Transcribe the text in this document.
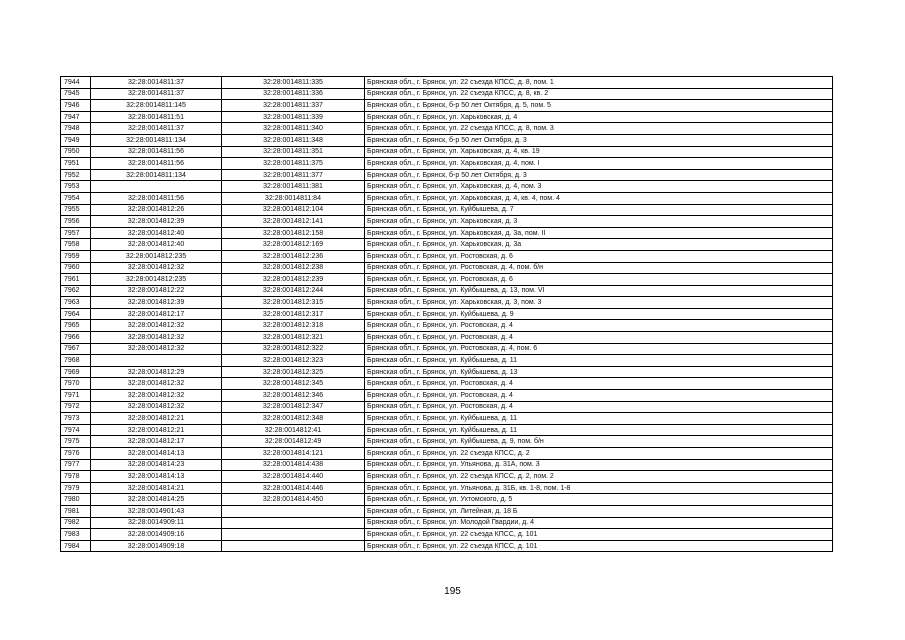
7944	32:28:0014811:37	32:28:0014811:335	Брянская обл., г. Брянск, ул. 22 съезда КПСС, д. 8, пом. 1
7945	32:28:0014811:37	32:28:0014811:336	Брянская обл., г. Брянск, ул. 22 съезда КПСС, д. 8, кв. 2
7946	32:28:0014811:145	32:28:0014811:337	Брянская обл., г. Брянск, б-р 50 лет Октября, д. 5, пом. 5
7947	32:28:0014811:51	32:28:0014811:339	Брянская обл., г. Брянск, ул. Харьковская, д. 4
7948	32:28:0014811:37	32:28:0014811:340	Брянская обл., г. Брянск, ул. 22 съезда КПСС, д. 8, пом. 3
7949	32:28:0014811:134	32:28:0014811:348	Брянская обл., г. Брянск, б-р 50 лет Октября, д. 3
7950	32:28:0014811:56	32:28:0014811:351	Брянская обл., г. Брянск, ул. Харьковская, д. 4, кв. 19
7951	32:28:0014811:56	32:28:0014811:375	Брянская обл., г. Брянск, ул. Харьковская, д. 4, пом. I
7952	32:28:0014811:134	32:28:0014811:377	Брянская обл., г. Брянск, б-р 50 лет Октября, д. 3
7953		32:28:0014811:381	Брянская обл., г. Брянск, ул. Харьковская, д. 4, пом. 3
7954	32:28:0014811:56	32:28:0014811:84	Брянская обл., г. Брянск, ул. Харьковская, д. 4, кв. 4, пом. 4
7955	32:28:0014812:26	32:28:0014812:104	Брянская обл., г. Брянск, ул. Куйбышева, д. 7
7956	32:28:0014812:39	32:28:0014812:141	Брянская обл., г. Брянск, ул. Харьковская, д. 3
7957	32:28:0014812:40	32:28:0014812:158	Брянская обл., г. Брянск, ул. Харьковская, д. 3а, пом. II
7958	32:28:0014812:40	32:28:0014812:169	Брянская обл., г. Брянск, ул. Харьковская, д. 3а
7959	32:28:0014812:235	32:28:0014812:236	Брянская обл., г. Брянск, ул. Ростовская, д. 6
7960	32:28:0014812:32	32:28:0014812:238	Брянская обл., г. Брянск, ул. Ростовская, д. 4, пом. б/н
7961	32:28:0014812:235	32:28:0014812:239	Брянская обл., г. Брянск, ул. Ростовская, д. 6
7962	32:28:0014812:22	32:28:0014812:244	Брянская обл., г. Брянск, ул. Куйбышева, д. 13, пом. VI
7963	32:28:0014812:39	32:28:0014812:315	Брянская обл., г. Брянск, ул. Харьковская, д. 3, пом. 3
7964	32:28:0014812:17	32:28:0014812:317	Брянская обл., г. Брянск, ул. Куйбышева, д. 9
7965	32:28:0014812:32	32:28:0014812:318	Брянская обл., г. Брянск, ул. Ростовская, д. 4
7966	32:28:0014812:32	32:28:0014812:321	Брянская обл., г. Брянск, ул. Ростовская, д. 4
7967	32:28:0014812:32	32:28:0014812:322	Брянская обл., г. Брянск, ул. Ростовская, д. 4, пом. 6
7968		32:28:0014812:323	Брянская обл., г. Брянск, ул. Куйбышева, д. 11
7969	32:28:0014812:29	32:28:0014812:325	Брянская обл., г. Брянск, ул. Куйбышева, д. 13
7970	32:28:0014812:32	32:28:0014812:345	Брянская обл., г. Брянск, ул. Ростовская, д. 4
7971	32:28:0014812:32	32:28:0014812:346	Брянская обл., г. Брянск, ул. Ростовская, д. 4
7972	32:28:0014812:32	32:28:0014812:347	Брянская обл., г. Брянск, ул. Ростовская, д. 4
7973	32:28:0014812:21	32:28:0014812:348	Брянская обл., г. Брянск, ул. Куйбышева, д. 11
7974	32:28:0014812:21	32:28:0014812:41	Брянская обл., г. Брянск, ул. Куйбышева, д. 11
7975	32:28:0014812:17	32:28:0014812:49	Брянская обл., г. Брянск, ул. Куйбышева, д. 9, пом. б/н
7976	32:28:0014814:13	32:28:0014814:121	Брянская обл., г. Брянск, ул. 22 съезда КПСС, д. 2
7977	32:28:0014814:23	32:28:0014814:438	Брянская обл., г. Брянск, ул. Ульянова, д. 31А, пом. 3
7978	32:28:0014814:13	32:28:0014814:440	Брянская обл., г. Брянск, ул. 22 съезда КПСС, д. 2, пом. 2
7979	32:28:0014814:21	32:28:0014814:446	Брянская обл., г. Брянск, ул. Ульянова, д. 31Б, кв. 1-8, пом. 1-8
7980	32:28:0014814:25	32:28:0014814:450	Брянская обл., г. Брянск, ул. Ухтомского, д. 5
7981	32:28:0014901:43		Брянская обл., г. Брянск, ул. Литейная, д. 18 Б
7982	32:28:0014909:11		Брянская обл., г. Брянск, ул. Молодой Гвардии, д. 4
7983	32:28:0014909:16		Брянская обл., г. Брянск, ул. 22 съезда КПСС, д. 101
7984	32:28:0014909:18		Брянская обл., г. Брянск, ул. 22 съезда КПСС, д. 101
195
